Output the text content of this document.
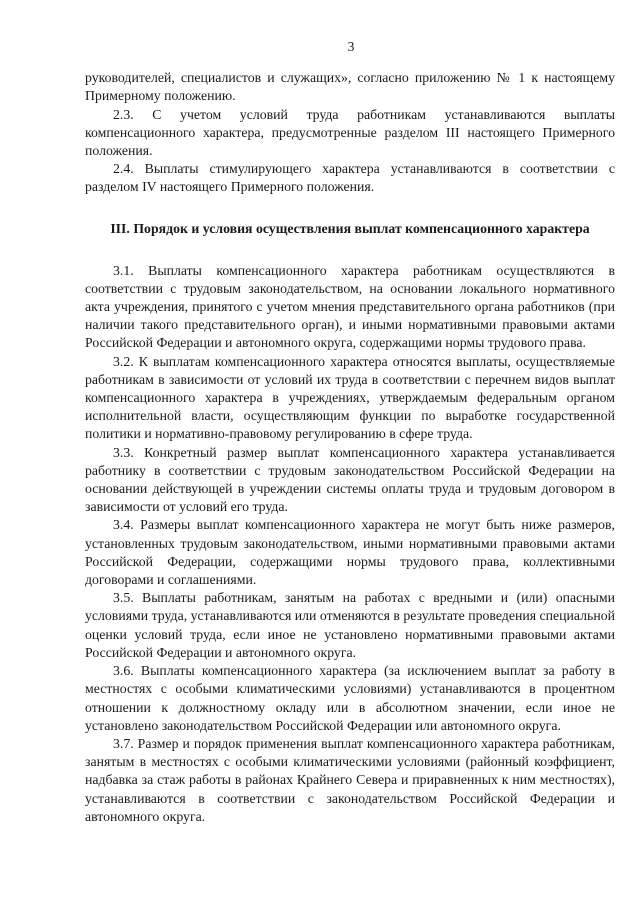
3

руководителей, специалистов и служащих», согласно приложению № 1 к настоящему Примерному положению.

2.3. С учетом условий труда работникам устанавливаются выплаты компенсационного характера, предусмотренные разделом III настоящего Примерного положения.

2.4. Выплаты стимулирующего характера устанавливаются в соответствии с разделом IV настоящего Примерного положения.

III. Порядок и условия осуществления выплат компенсационного характера

3.1. Выплаты компенсационного характера работникам осуществляются в соответствии с трудовым законодательством, на основании локального нормативного акта учреждения, принятого с учетом мнения представительного органа работников (при наличии такого представительного орган), и иными нормативными правовыми актами Российской Федерации и автономного округа, содержащими нормы трудового права.

3.2. К выплатам компенсационного характера относятся выплаты, осуществляемые работникам в зависимости от условий их труда в соответствии с перечнем видов выплат компенсационного характера в учреждениях, утверждаемым федеральным органом исполнительной власти, осуществляющим функции по выработке государственной политики и нормативно-правовому регулированию в сфере труда.

3.3. Конкретный размер выплат компенсационного характера устанавливается работнику в соответствии с трудовым законодательством Российской Федерации на основании действующей в учреждении системы оплаты труда и трудовым договором в зависимости от условий его труда.

3.4. Размеры выплат компенсационного характера не могут быть ниже размеров, установленных трудовым законодательством, иными нормативными правовыми актами Российской Федерации, содержащими нормы трудового права, коллективными договорами и соглашениями.

3.5. Выплаты работникам, занятым на работах с вредными и (или) опасными условиями труда, устанавливаются или отменяются в результате проведения специальной оценки условий труда, если иное не установлено нормативными правовыми актами Российской Федерации и автономного округа.

3.6. Выплаты компенсационного характера (за исключением выплат за работу в местностях с особыми климатическими условиями) устанавливаются в процентном отношении к должностному окладу или в абсолютном значении, если иное не установлено законодательством Российской Федерации или автономного округа.

3.7. Размер и порядок применения выплат компенсационного характера работникам, занятым в местностях с особыми климатическими условиями (районный коэффициент, надбавка за стаж работы в районах Крайнего Севера и приравненных к ним местностях), устанавливаются в соответствии с законодательством Российской Федерации и автономного округа.
